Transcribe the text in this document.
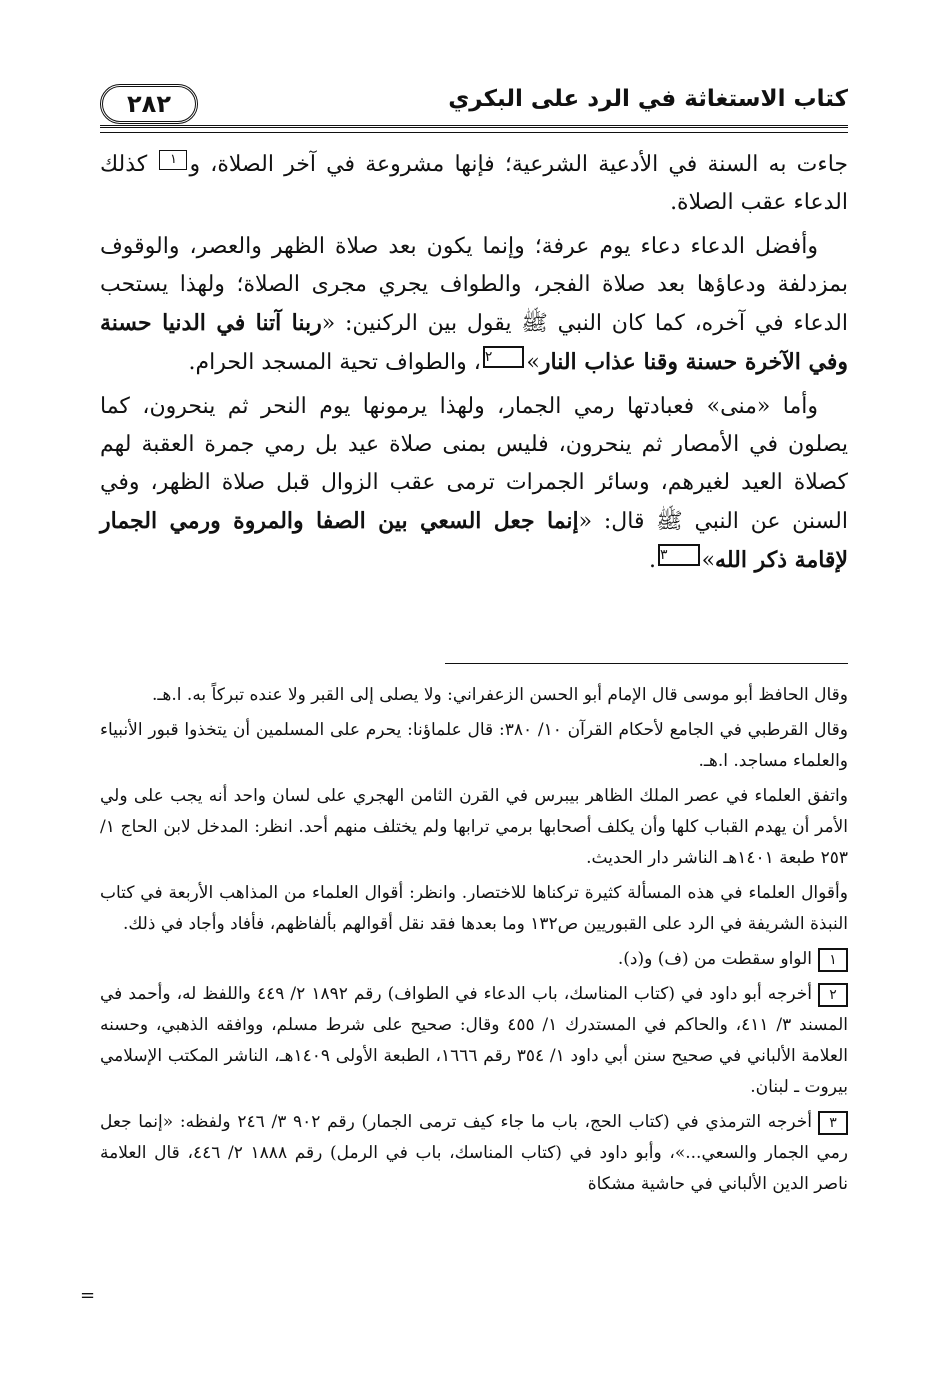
كتاب الاستغاثة في الرد على البكري
٢٨٢

جاءت به السنة في الأدعية الشرعية؛ فإنها مشروعة في آخر الصلاة، و١ كذلك الدعاء عقب الصلاة.

وأفضل الدعاء دعاء يوم عرفة؛ وإنما يكون بعد صلاة الظهر والعصر، والوقوف بمزدلفة ودعاؤها بعد صلاة الفجر، والطواف يجري مجرى الصلاة؛ ولهذا يستحب الدعاء في آخره، كما كان النبي ﷺ يقول بين الركنين: «ربنا آتنا في الدنيا حسنة وفي الآخرة حسنة وقنا عذاب النار»٢، والطواف تحية المسجد الحرام.

وأما «منى» فعبادتها رمي الجمار، ولهذا يرمونها يوم النحر ثم ينحرون، كما يصلون في الأمصار ثم ينحرون، فليس بمنى صلاة عيد بل رمي جمرة العقبة لهم كصلاة العيد لغيرهم، وسائر الجمرات ترمى عقب الزوال قبل صلاة الظهر، وفي السنن عن النبي ﷺ قال: «إنما جعل السعي بين الصفا والمروة ورمي الجمار لإقامة ذكر الله»٣.

وقال الحافظ أبو موسى قال الإمام أبو الحسن الزعفراني: ولا يصلى إلى القبر ولا عنده تبركاً به. ا.هـ.

وقال القرطبي في الجامع لأحكام القرآن ١٠/ ٣٨٠: قال علماؤنا: يحرم على المسلمين أن يتخذوا قبور الأنبياء والعلماء مساجد. ا.هـ.

واتفق العلماء في عصر الملك الظاهر بيبرس في القرن الثامن الهجري على لسان واحد أنه يجب على ولي الأمر أن يهدم القباب كلها وأن يكلف أصحابها برمي ترابها ولم يختلف منهم أحد. انظر: المدخل لابن الحاج ١/ ٢٥٣ طبعة ١٤٠١هـ الناشر دار الحديث.

وأقوال العلماء في هذه المسألة كثيرة تركناها للاختصار. وانظر: أقوال العلماء من المذاهب الأربعة في كتاب النبذة الشريفة في الرد على القبوريين ص١٣٢ وما بعدها فقد نقل أقوالهم بألفاظهم، فأفاد وأجاد في ذلك.

١الواو سقطت من (ف) و(د).

٢أخرجه أبو داود في (كتاب المناسك، باب الدعاء في الطواف) رقم ١٨٩٢ ٢/ ٤٤٩ واللفظ له، وأحمد في المسند ٣/ ٤١١، والحاكم في المستدرك ١/ ٤٥٥ وقال: صحيح على شرط مسلم، ووافقه الذهبي، وحسنه العلامة الألباني في صحيح سنن أبي داود ١/ ٣٥٤ رقم ١٦٦٦، الطبعة الأولى ١٤٠٩هـ، الناشر المكتب الإسلامي بيروت ـ لبنان.

٣أخرجه الترمذي في (كتاب الحج، باب ما جاء كيف ترمى الجمار) رقم ٩٠٢ ٣/ ٢٤٦ ولفظه: «إنما جعل رمي الجمار والسعي...»، وأبو داود في (كتاب المناسك، باب في الرمل) رقم ١٨٨٨ ٢/ ٤٤٦، قال العلامة ناصر الدين الألباني في حاشية مشكاة

=
